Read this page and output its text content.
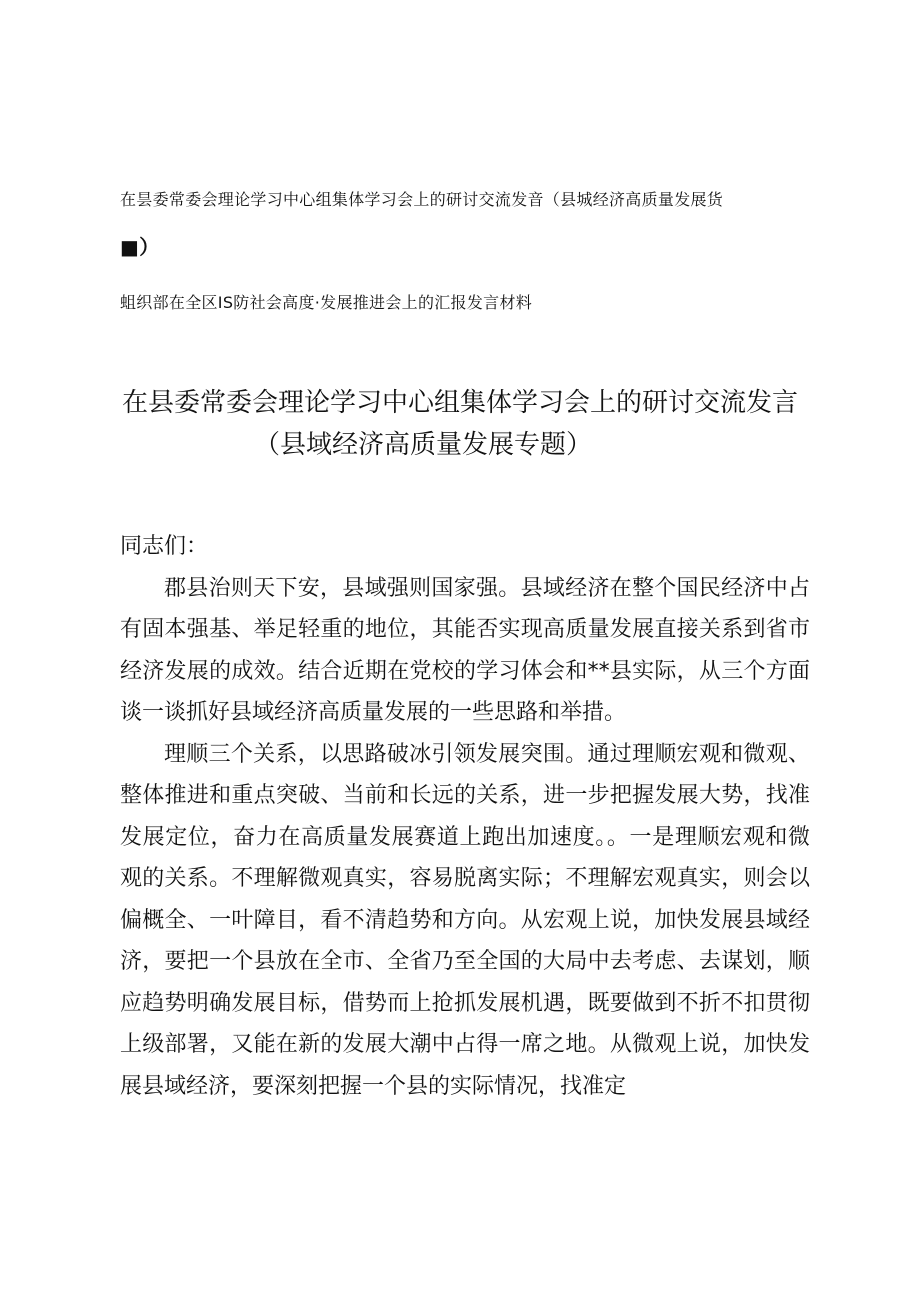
在昙委常委会理论学习中心组集体学习会上的研讨交流发音（县城经济高质量发展货
■）
蛆织部在全区IS防社会高度·发展推进会上的汇报发言材料
在县委常委会理论学习中心组集体学习会上的研讨交流发言
（县域经济高质量发展专题）

同志们：

郡县治则天下安，县域强则国家强。县域经济在整个国民经济中占有固本强基、举足轻重的地位，其能否实现高质量发展直接关系到省市经济发展的成效。结合近期在党校的学习体会和**县实际，从三个方面谈一谈抓好县域经济高质量发展的一些思路和举措。

理顺三个关系，以思路破冰引领发展突围。通过理顺宏观和微观、整体推进和重点突破、当前和长远的关系，进一步把握发展大势，找准发展定位，奋力在高质量发展赛道上跑出加速度。。一是理顺宏观和微观的关系。不理解微观真实，容易脱离实际；不理解宏观真实，则会以偏概全、一叶障目，看不清趋势和方向。从宏观上说，加快发展县域经济，要把一个县放在全市、全省乃至全国的大局中去考虑、去谋划，顺应趋势明确发展目标，借势而上抢抓发展机遇，既要做到不折不扣贯彻上级部署，又能在新的发展大潮中占得一席之地。从微观上说，加快发展县域经济，要深刻把握一个县的实际情况，找准定
